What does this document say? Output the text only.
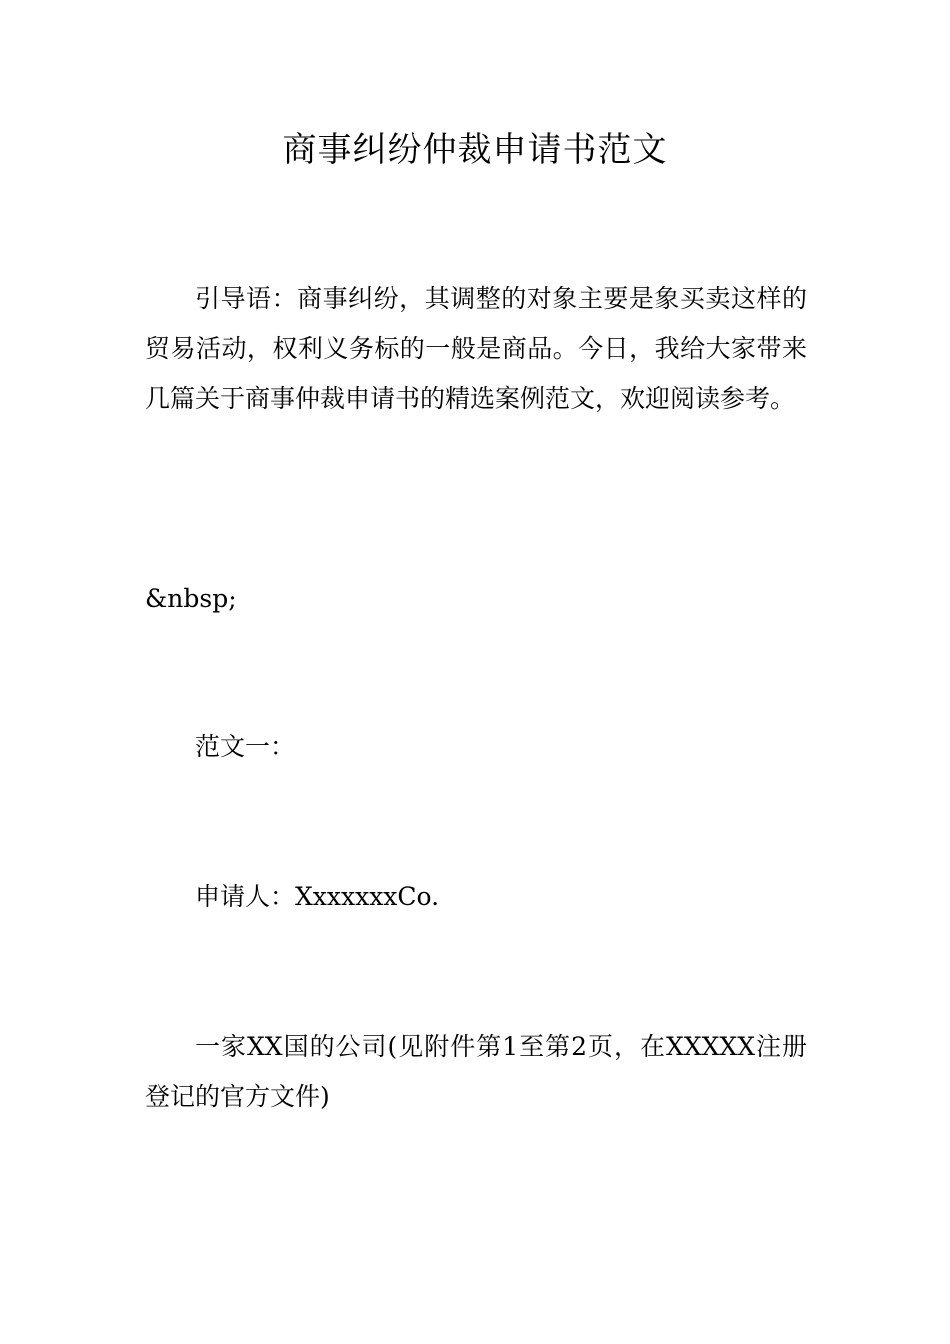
商事纠纷仲裁申请书范文

引导语：商事纠纷，其调整的对象主要是象买卖这样的贸易活动，权利义务标的一般是商品。今日，我给大家带来几篇关于商事仲裁申请书的精选案例范文，欢迎阅读参考。

&nbsp;

范文一：

申请人：XxxxxxxCo.

一家XX国的公司(见附件第1至第2页，在XXXXX注册登记的官方文件)
